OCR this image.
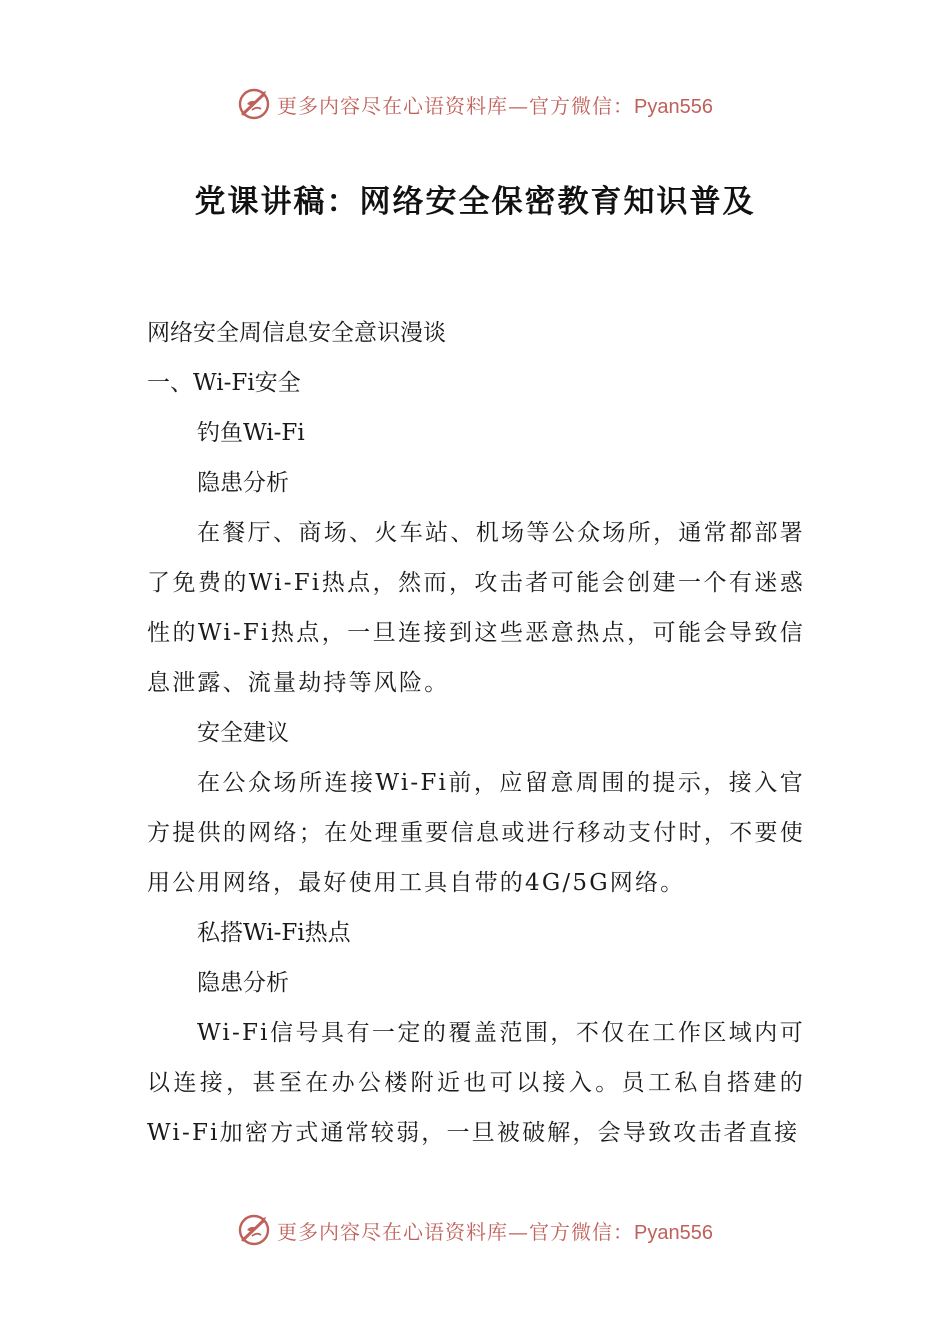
更多内容尽在心语资料库—官方微信：Pyan556
党课讲稿：网络安全保密教育知识普及
网络安全周信息安全意识漫谈
一、Wi-Fi安全
钓鱼Wi-Fi
隐患分析

在餐厅、商场、火车站、机场等公众场所，通常都部署了免费的Wi-Fi热点，然而，攻击者可能会创建一个有迷惑性的Wi-Fi热点，一旦连接到这些恶意热点，可能会导致信息泄露、流量劫持等风险。

安全建议

在公众场所连接Wi-Fi前，应留意周围的提示，接入官方提供的网络；在处理重要信息或进行移动支付时，不要使用公用网络，最好使用工具自带的4G/5G网络。

私搭Wi-Fi热点
隐患分析

Wi-Fi信号具有一定的覆盖范围，不仅在工作区域内可以连接，甚至在办公楼附近也可以接入。员工私自搭建的Wi-Fi加密方式通常较弱，一旦被破解，会导致攻击者直接

更多内容尽在心语资料库—官方微信：Pyan556
